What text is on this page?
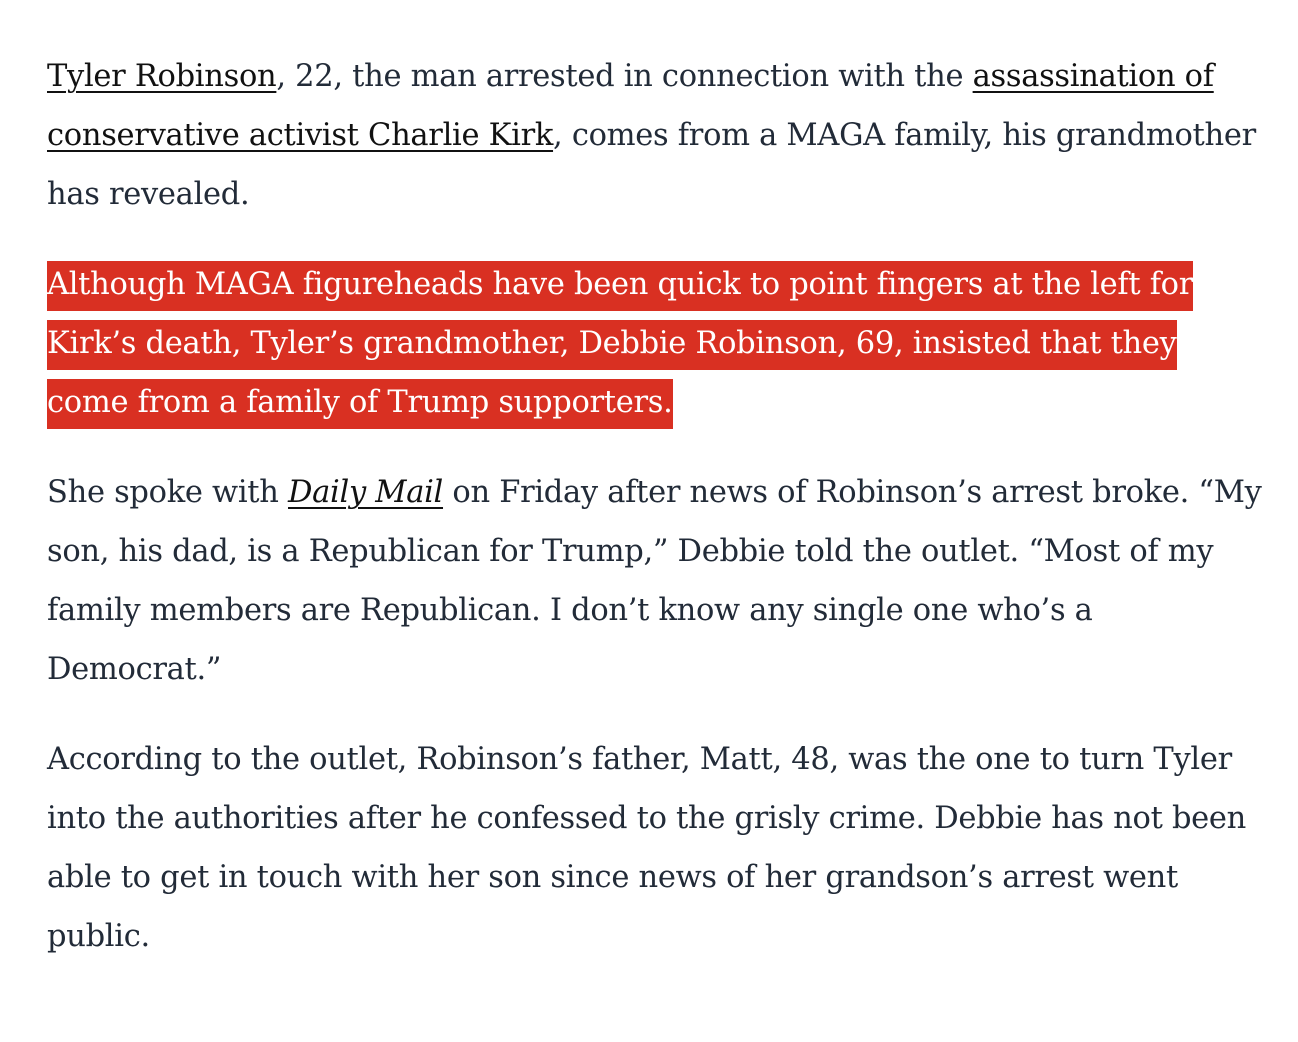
Tyler Robinson, 22, the man arrested in connection with the assassination of conservative activist Charlie Kirk, comes from a MAGA family, his grandmother has revealed.

Although MAGA figureheads have been quick to point fingers at the left for Kirk’s death, Tyler’s grandmother, Debbie Robinson, 69, insisted that they come from a family of Trump supporters.

She spoke with Daily Mail on Friday after news of Robinson’s arrest broke. “My son, his dad, is a Republican for Trump,” Debbie told the outlet. “Most of my family members are Republican. I don’t know any single one who’s a Democrat.”

According to the outlet, Robinson’s father, Matt, 48, was the one to turn Tyler into the authorities after he confessed to the grisly crime. Debbie has not been able to get in touch with her son since news of her grandson’s arrest went public.
